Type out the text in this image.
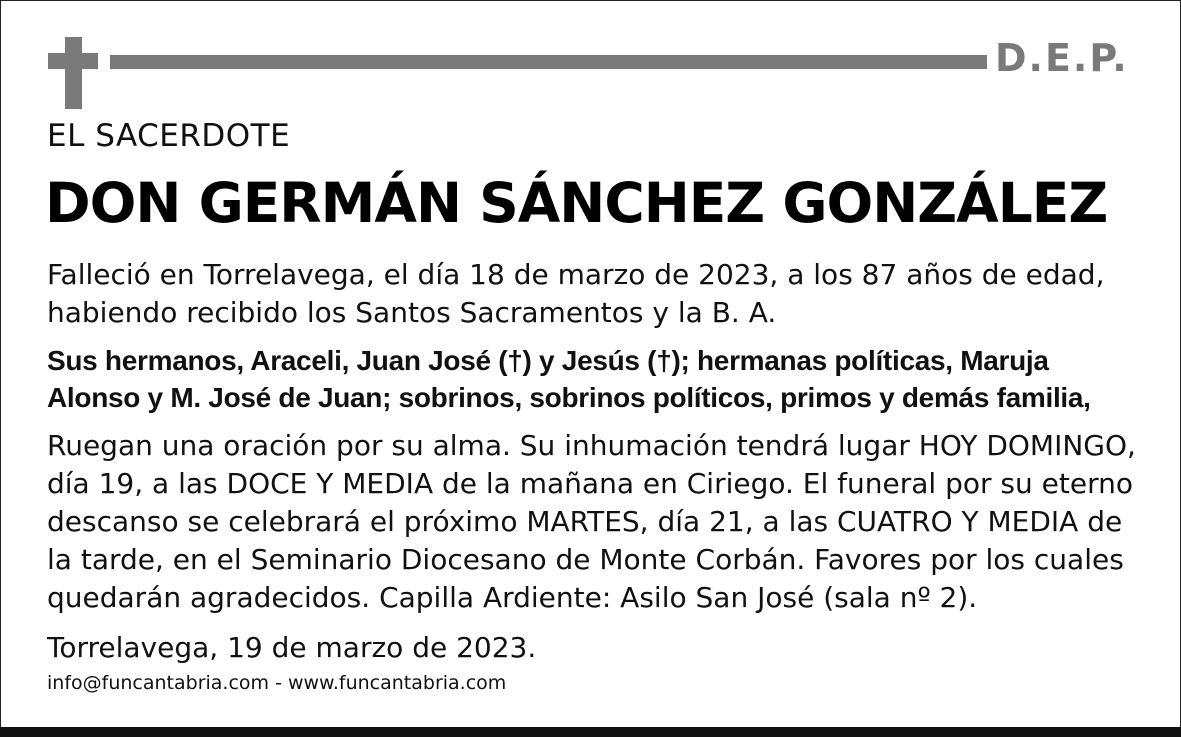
D.E.P.
EL SACERDOTE
DON GERMÁN SÁNCHEZ GONZÁLEZ
Falleció en Torrelavega, el día 18 de marzo de 2023, a los 87 años de edad,
habiendo recibido los Santos Sacramentos y la B. A.
Sus hermanos, Araceli, Juan José (†) y Jesús (†); hermanas políticas, Maruja
Alonso y M. José de Juan; sobrinos, sobrinos políticos, primos y demás familia,
Ruegan una oración por su alma. Su inhumación tendrá lugar HOY DOMINGO,
día 19, a las DOCE Y MEDIA de la mañana en Ciriego. El funeral por su eterno
descanso se celebrará el próximo MARTES, día 21, a las CUATRO Y MEDIA de
la tarde, en el Seminario Diocesano de Monte Corbán. Favores por los cuales
quedarán agradecidos. Capilla Ardiente: Asilo San José (sala nº 2).
Torrelavega, 19 de marzo de 2023.
info@funcantabria.com - www.funcantabria.com
